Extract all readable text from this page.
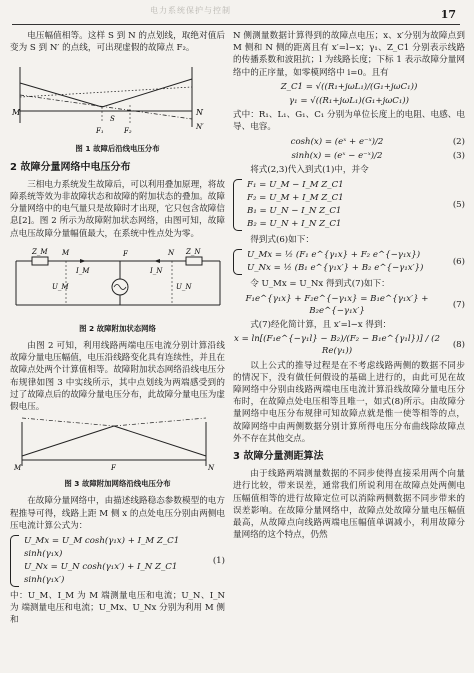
电力系统保护与控制	17

电压幅值相等。这样 S 到 N 的点划线，取绝对值后变为 S 到 N′ 的点线，可出现虚假的故障点 F₂。

M	N
S
F₁	F₂	N′
图 1 故障后沿线电压分布
2 故障分量网络中电压分布

三相电力系统发生故障后，可以利用叠加原理，将故障系统等效为非故障状态和故障的附加状态的叠加。故障分量网络中的电气量只是故障时才出现，它只包含故障信息[2]。图 2 所示为故障附加状态网络，由图可知，故障点电压故障分量幅值最大，在系统中性点处为零。

Z_M	Z_N
I_M	I_N
U_M	U_N
M	N
F
图 2 故障附加状态网络

由图 2 可知，利用线路两端电压电流分别计算沿线故障分量电压幅值，电压沿线路变化具有连续性，并且在故障点处两个计算值相等。故障附加状态网络沿线电压分布规律如图 3 中实线所示，其中点划线为两端感受到的过了故障点后的故障分量电压分布，此故障分量电压为虚假电压。

M	N
F
图 3 故障附加网络沿线电压分布

在故障分量网络中，由描述线路稳态参数模型的电方程推导可得，线路上距 M 侧 x 的点处电压分别由两侧电压电流计算公式为：

U_Mx = U_M cosh(γ₁x) + I_M Z_C1 sinh(γ₁x)
U_Nx = U_N cosh(γ₁x′) + I_N Z_C1 sinh(γ₁x′)
(1)

中：U_M、I_M 为 M 端测量电压和电流；U_N、I_N 为 端测量电压和电流；U_Mx、U_Nx 分别为利用 M 侧和

N 侧测量数据计算得到的故障点电压；x、x′分别为故障点到 M 侧和 N 侧的距离且有 x′=l−x；γ₁、Z_C1 分别表示线路的传播系数和波阻抗；l 为线路长度；下标 1 表示故障分量网络中的正序量，如零模网络中 i=0。且有

Z_C1 = √((R₁+jωL₁)/(G₁+jωC₁))
γ₁ = √((R₁+jωL₁)(G₁+jωC₁))

式中：R₁、L₁、G₁、C₁ 分别为单位长度上的电阻、电感、电导、电容。

cosh(x) = (eˣ + e⁻ˣ)/2	(2)
sinh(x) = (eˣ − e⁻ˣ)/2	(3)

将式(2,3)代入到式(1)中，并令

F₁ = U_M − I_M Z_C1
F₂ = U_M + I_M Z_C1
B₁ = U_N − I_N Z_C1
B₂ = U_N + I_N Z_C1
(5)

得到式(6)如下：

U_Mx = ½ (F₁ e^{γ₁x} + F₂ e^{−γ₁x})
U_Nx = ½ (B₁ e^{γ₁x′} + B₂ e^{−γ₁x′})
(6)

令 U_Mx = U_Nx 得到式(7)如下：

F₁e^{γ₁x} + F₂e^{−γ₁x} = B₁e^{γ₁x′} + B₂e^{−γ₁x′}
(7)

式(7)经化简计算，且 x′=l−x 得到：

x = ln[(F₁e^{−γ₁l} − B₂)/(F₂ − B₁e^{γ₁l})] / (2 Re(γ₁))
(8)

以上公式的推导过程是在不考虑线路两侧的数据不同步的情况下，没有做任何假设的基础上进行的，由此可见在故障网络中分别由线路两端电压电流计算沿线故障分量电压分布时，在故障点处电压相等且唯一，如式(8)所示。由故障分量网络中电压分布规律可知故障点就是惟一使等相等的点，故障网络中由两侧数据分别计算所得电压分布曲线除故障点外不存在其他交点。

3 故障分量测距算法

由于线路两端测量数据的不同步使得直接采用两个向量进行比较，带来误差，通常我们所说利用在故障点处两侧电压幅值相等的进行故障定位可以消除两侧数据不同步带来的误差影响。在故障分量网络中，故障点处故障分量电压幅值最高，从故障点向线路两端电压幅值单调减小，利用故障分量网络的这个特点，仍然
